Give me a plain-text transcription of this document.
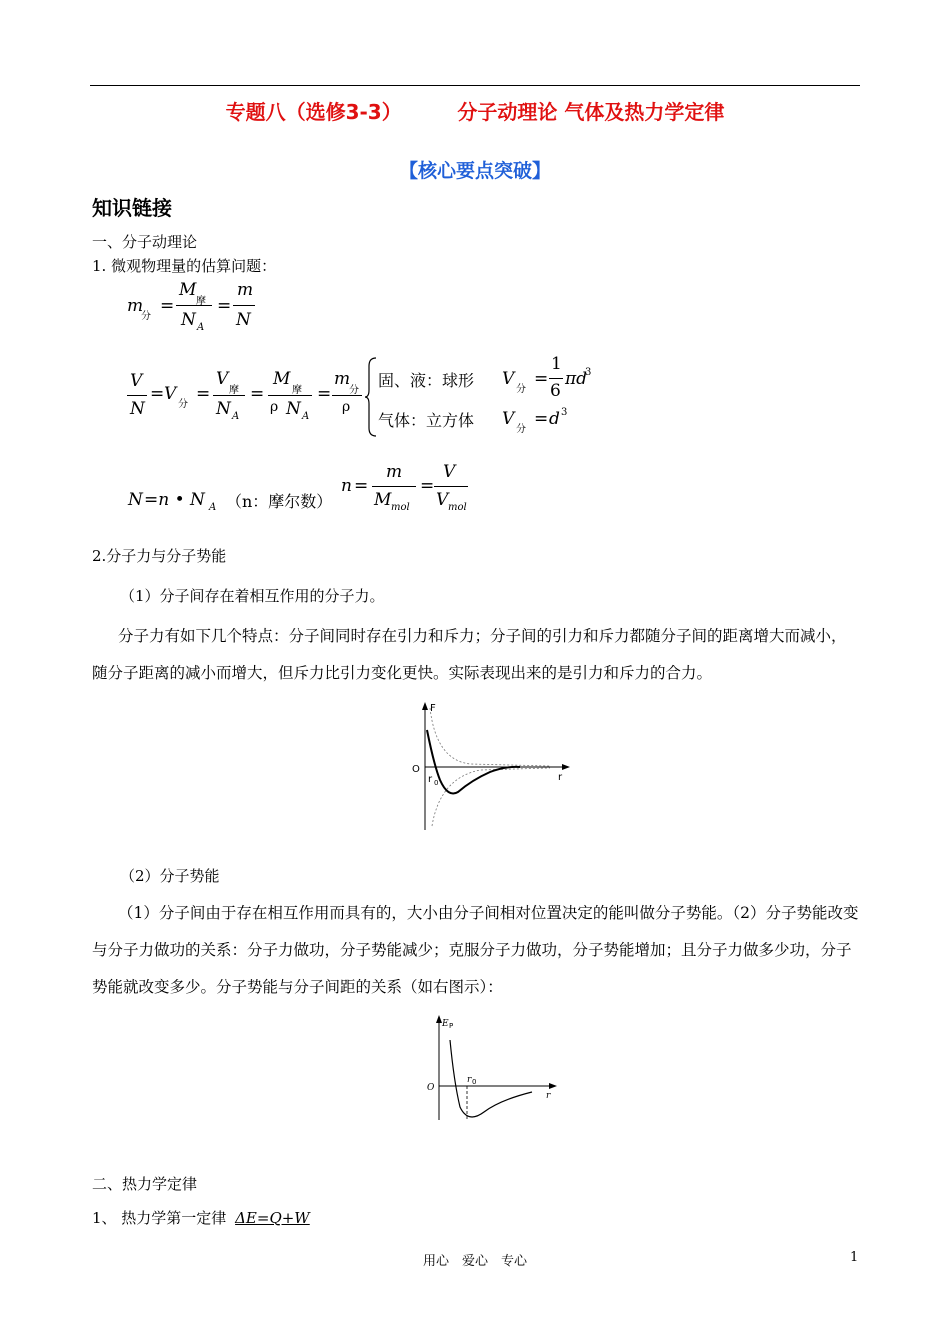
专题八（选修3-3）        分子动理论 气体及热力学定律
【核心要点突破】
知识链接
一、分子动理论
1. 微观物理量的估算问题：
m
分
=
M
摩
N A
=
m
N
V
N
= V
分
=
V
摩
N A
=
M
摩
ρ N A
=
m
分
ρ
固、液：球形 V
分
=
1
6
πd
3
气体：立方体 V
分
= d 3
N =n • N A （n：摩尔数）
n =
m
M mol
=
V
V mol
2.分子力与分子势能
（1）分子间存在着相互作用的分子力。
分子力有如下几个特点：分子间同时存在引力和斥力；分子间的引力和斥力都随分子间的距离增大而减小，随分子距离的减小而增大，但斥力比引力变化更快。实际表现出来的是引力和斥力的合力。
F
O
r 0	r
（2）分子势能
（1）分子间由于存在相互作用而具有的，大小由分子间相对位置决定的能叫做分子势能。（2）分子势能改变与分子力做功的关系：分子力做功，分子势能减少；克服分子力做功，分子势能增加；且分子力做多少功，分子势能就改变多少。分子势能与分子间距的关系（如右图示）：
E P
O
r 0
r
二、热力学定律
1、 热力学第一定律 ΔE=Q+W
用心　爱心　专心	1
